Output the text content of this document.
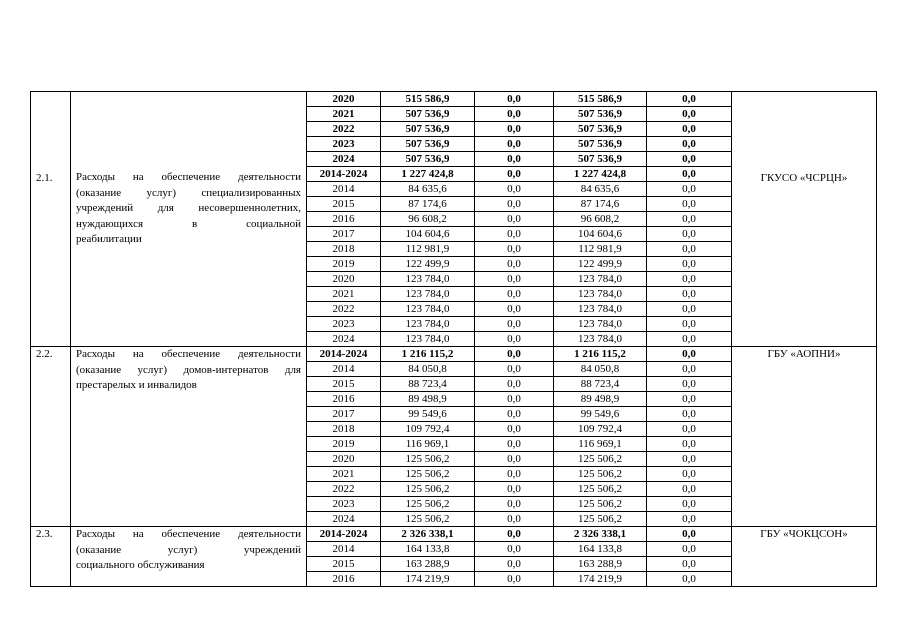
2.1.	Расходы на обеспечение деятельности
(оказание услуг) специализированных
учреждений для несовершеннолетних,
нуждающихся в социальной
реабилитации	2020	515 586,9	0,0	515 586,9	0,0	ГКУСО «ЧСРЦН»
		2021	507 536,9	0,0	507 536,9	0,0	
		2022	507 536,9	0,0	507 536,9	0,0	
		2023	507 536,9	0,0	507 536,9	0,0	
		2024	507 536,9	0,0	507 536,9	0,0	
		2014-2024	1 227 424,8	0,0	1 227 424,8	0,0	
		2014	84 635,6	0,0	84 635,6	0,0	
		2015	87 174,6	0,0	87 174,6	0,0	
		2016	96 608,2	0,0	96 608,2	0,0	
		2017	104 604,6	0,0	104 604,6	0,0	
		2018	112 981,9	0,0	112 981,9	0,0	
		2019	122 499,9	0,0	122 499,9	0,0	
		2020	123 784,0	0,0	123 784,0	0,0	
		2021	123 784,0	0,0	123 784,0	0,0	
		2022	123 784,0	0,0	123 784,0	0,0	
		2023	123 784,0	0,0	123 784,0	0,0	
		2024	123 784,0	0,0	123 784,0	0,0	
2.2.	Расходы на обеспечение деятельности
(оказание услуг) домов-интернатов для
престарелых и инвалидов	2014-2024	1 216 115,2	0,0	1 216 115,2	0,0	ГБУ «АОПНИ»
		2014	84 050,8	0,0	84 050,8	0,0	
		2015	88 723,4	0,0	88 723,4	0,0	
		2016	89 498,9	0,0	89 498,9	0,0	
		2017	99 549,6	0,0	99 549,6	0,0	
		2018	109 792,4	0,0	109 792,4	0,0	
		2019	116 969,1	0,0	116 969,1	0,0	
		2020	125 506,2	0,0	125 506,2	0,0	
		2021	125 506,2	0,0	125 506,2	0,0	
		2022	125 506,2	0,0	125 506,2	0,0	
		2023	125 506,2	0,0	125 506,2	0,0	
		2024	125 506,2	0,0	125 506,2	0,0	
2.3.	Расходы на обеспечение деятельности
(оказание услуг) учреждений
социального обслуживания	2014-2024	2 326 338,1	0,0	2 326 338,1	0,0	ГБУ «ЧОКЦСОН»
		2014	164 133,8	0,0	164 133,8	0,0	
		2015	163 288,9	0,0	163 288,9	0,0	
		2016	174 219,9	0,0	174 219,9	0,0	
